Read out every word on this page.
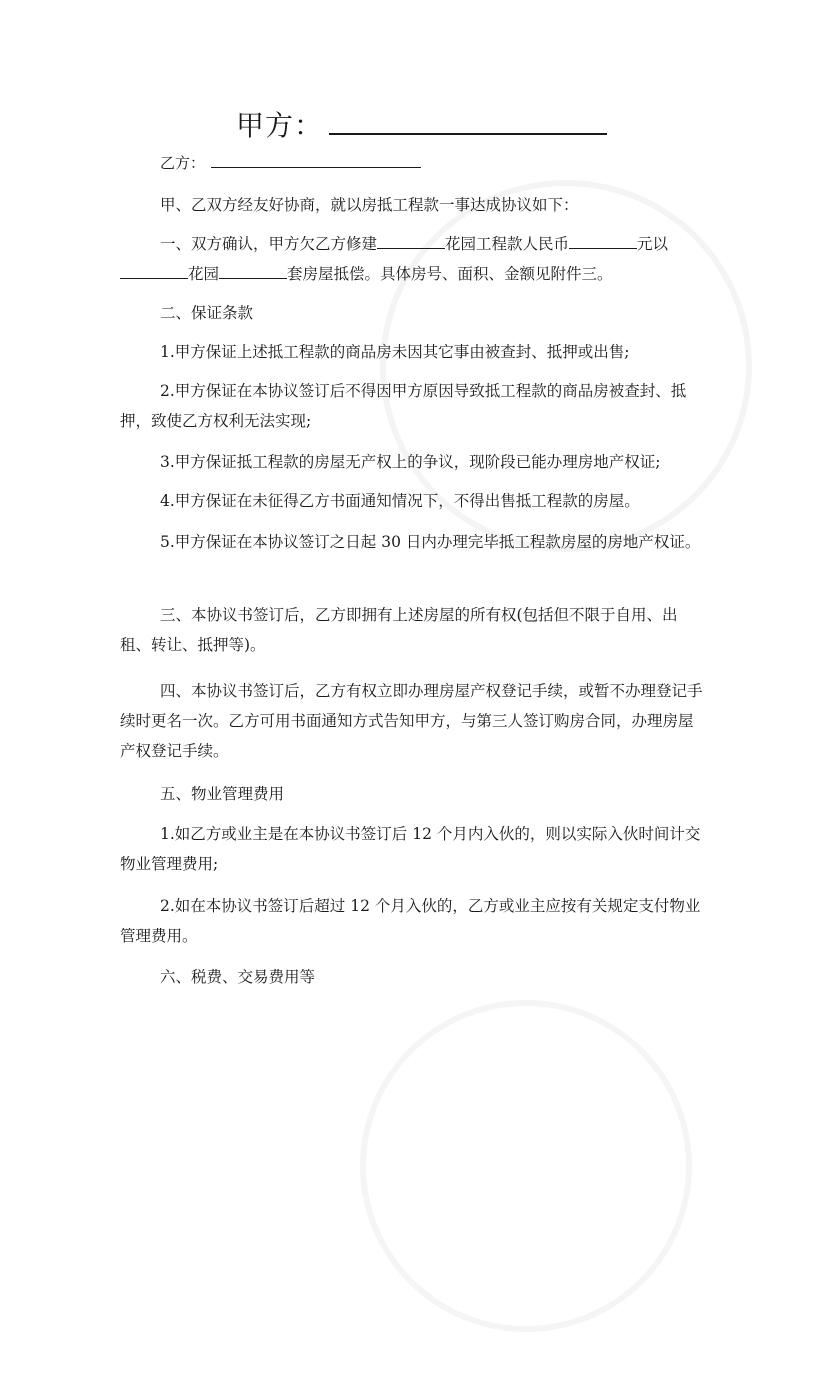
甲方：
乙方：
甲、乙双方经友好协商，就以房抵工程款一事达成协议如下：
一、双方确认，甲方欠乙方修建	花园工程款人民币	元以花园	套房屋抵偿。具体房号、面积、金额见附件三。
二、保证条款
1.甲方保证上述抵工程款的商品房未因其它事由被查封、抵押或出售;
2.甲方保证在本协议签订后不得因甲方原因导致抵工程款的商品房被查封、抵押，致使乙方权利无法实现;
3.甲方保证抵工程款的房屋无产权上的争议，现阶段已能办理房地产权证;
4.甲方保证在未征得乙方书面通知情况下，不得出售抵工程款的房屋。
5.甲方保证在本协议签订之日起 30 日内办理完毕抵工程款房屋的房地产权证。
三、本协议书签订后，乙方即拥有上述房屋的所有权(包括但不限于自用、出租、转让、抵押等)。
四、本协议书签订后，乙方有权立即办理房屋产权登记手续，或暂不办理登记手续时更名一次。乙方可用书面通知方式告知甲方，与第三人签订购房合同，办理房屋产权登记手续。
五、物业管理费用
1.如乙方或业主是在本协议书签订后 12 个月内入伙的，则以实际入伙时间计交物业管理费用;
2.如在本协议书签订后超过 12 个月入伙的，乙方或业主应按有关规定支付物业管理费用。
六、税费、交易费用等
